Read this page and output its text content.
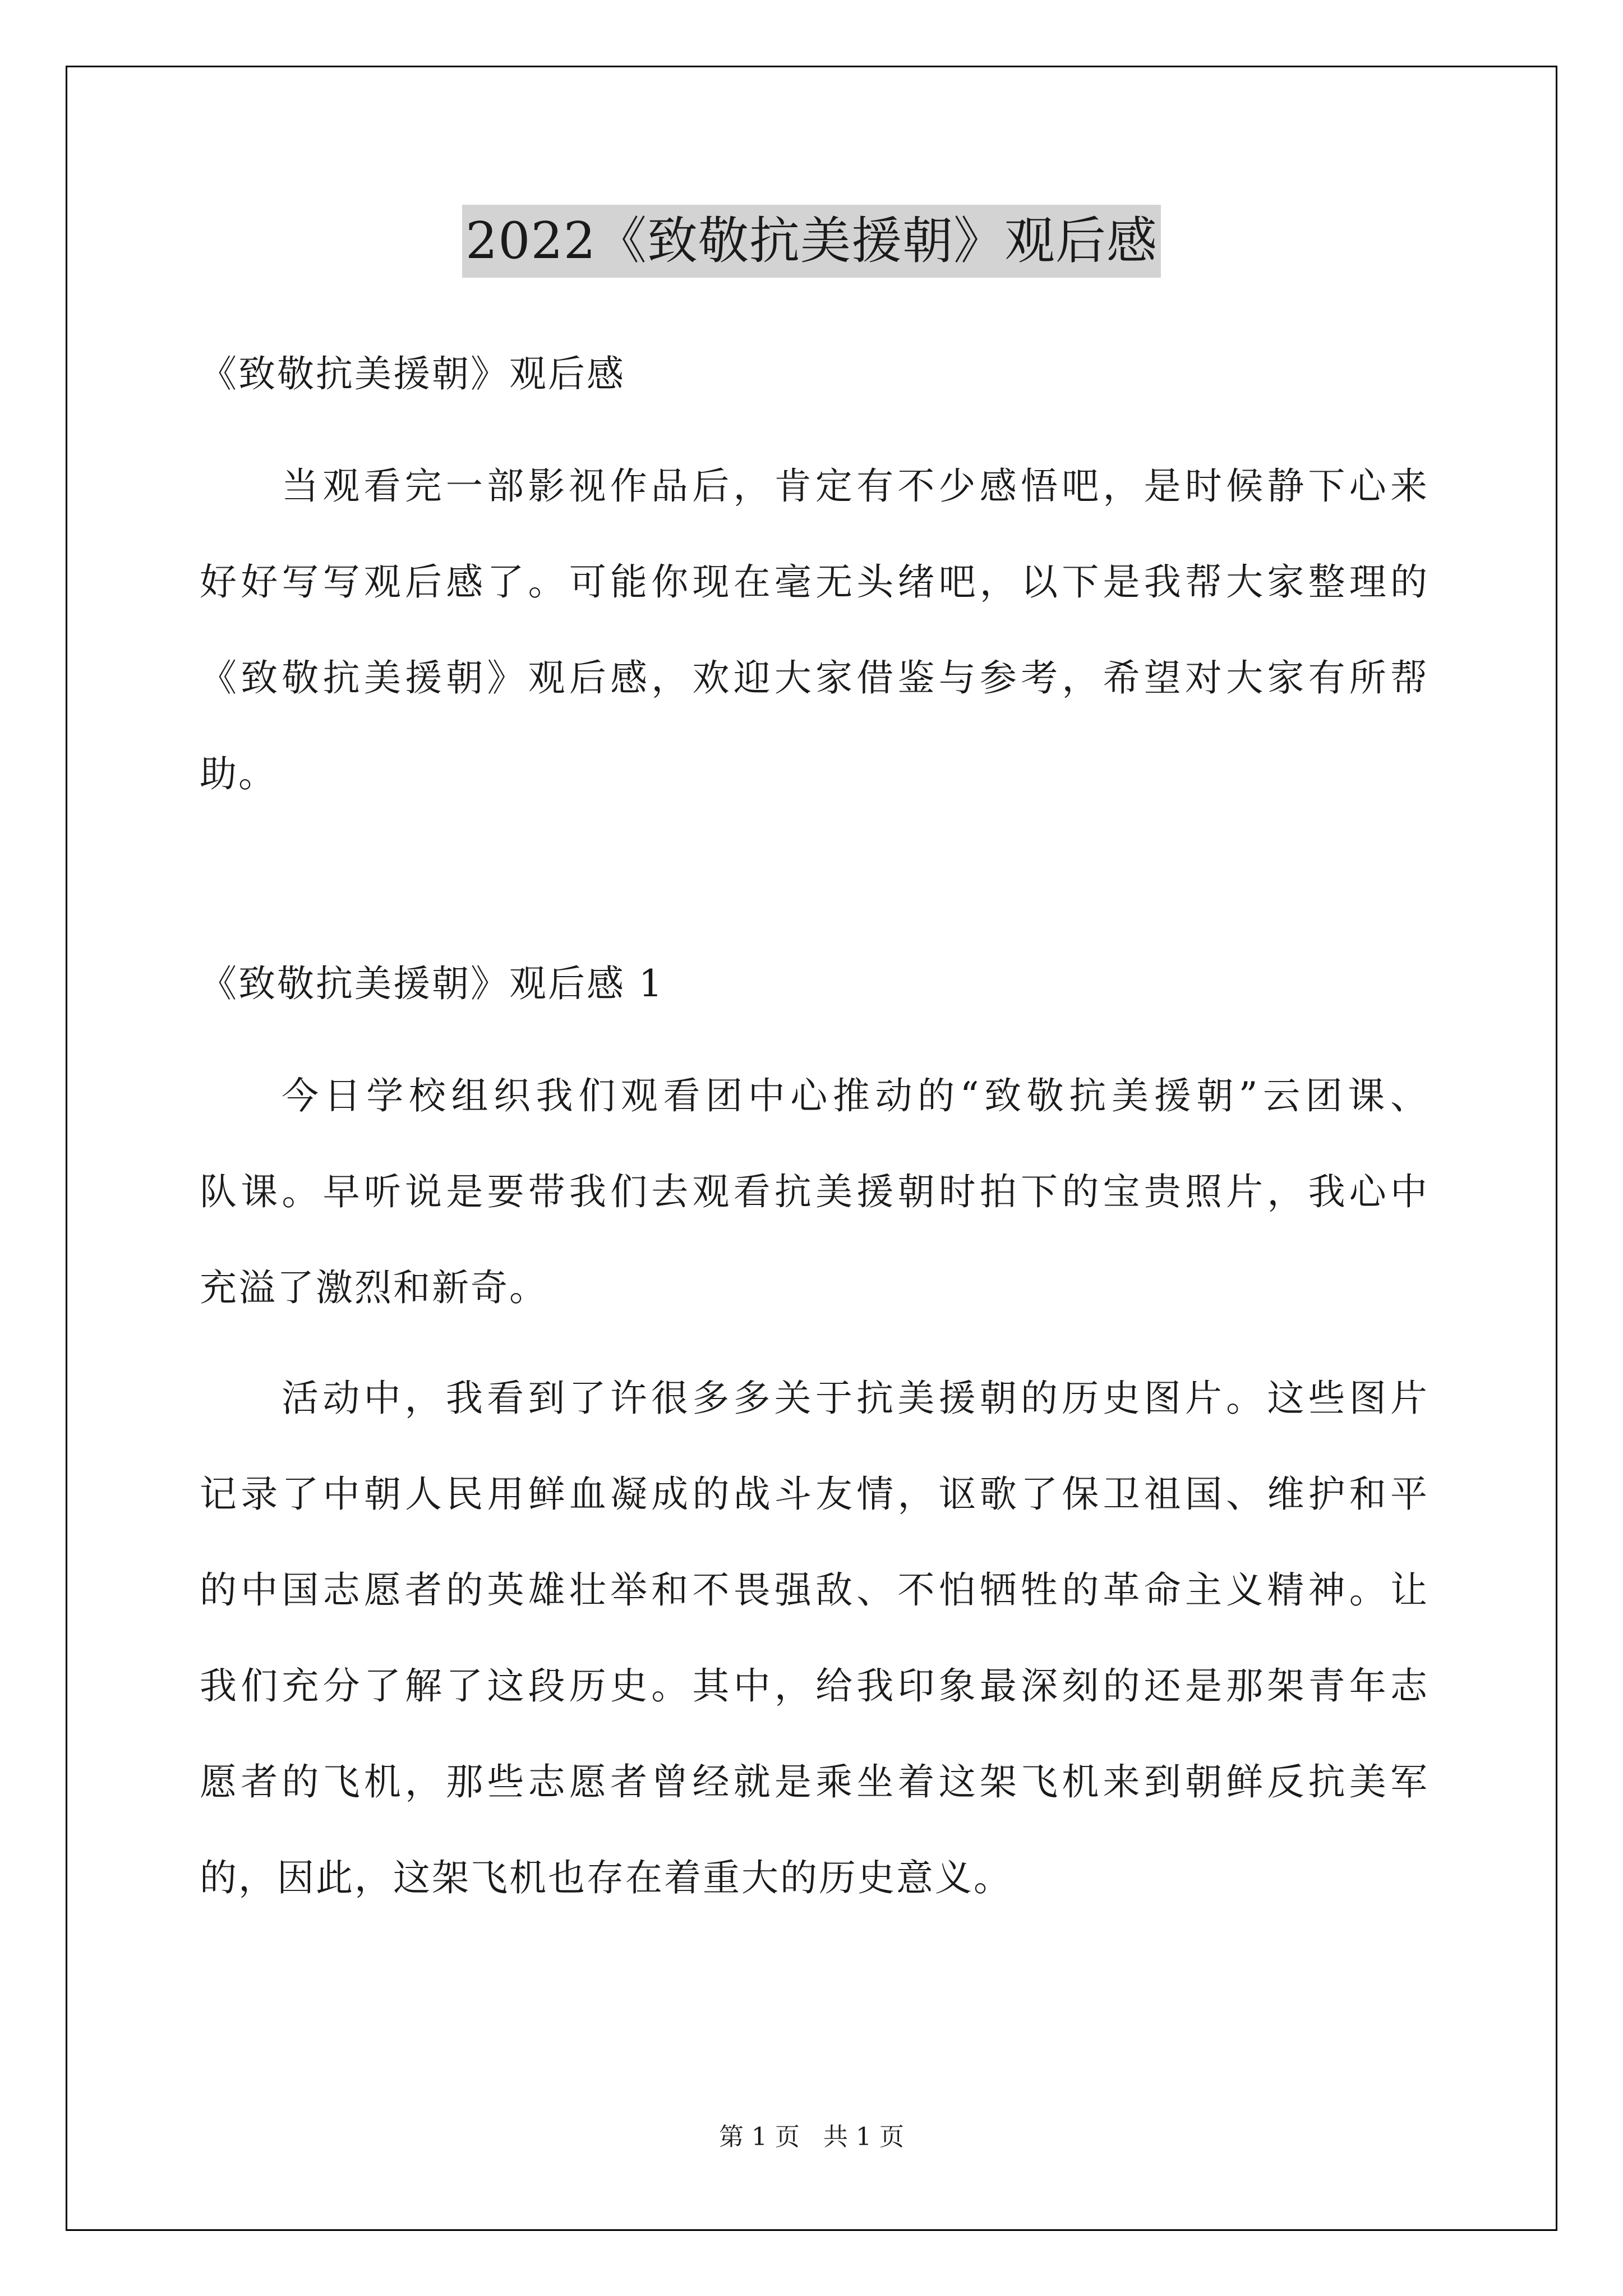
2022《致敬抗美援朝》观后感
《致敬抗美援朝》观后感
当观看完一部影视作品后，肯定有不少感悟吧，是时候静下心来
好好写写观后感了。可能你现在毫无头绪吧，以下是我帮大家整理的
《致敬抗美援朝》观后感，欢迎大家借鉴与参考，希望对大家有所帮
助。
《致敬抗美援朝》观后感 1
今日学校组织我们观看团中心推动的“致敬抗美援朝”云团课、
队课。早听说是要带我们去观看抗美援朝时拍下的宝贵照片，我心中
充溢了激烈和新奇。
活动中，我看到了许很多多关于抗美援朝的历史图片。这些图片
记录了中朝人民用鲜血凝成的战斗友情，讴歌了保卫祖国、维护和平
的中国志愿者的英雄壮举和不畏强敌、不怕牺牲的革命主义精神。让
我们充分了解了这段历史。其中，给我印象最深刻的还是那架青年志
愿者的飞机，那些志愿者曾经就是乘坐着这架飞机来到朝鲜反抗美军
的，因此，这架飞机也存在着重大的历史意义。
第 1 页   共 1 页
